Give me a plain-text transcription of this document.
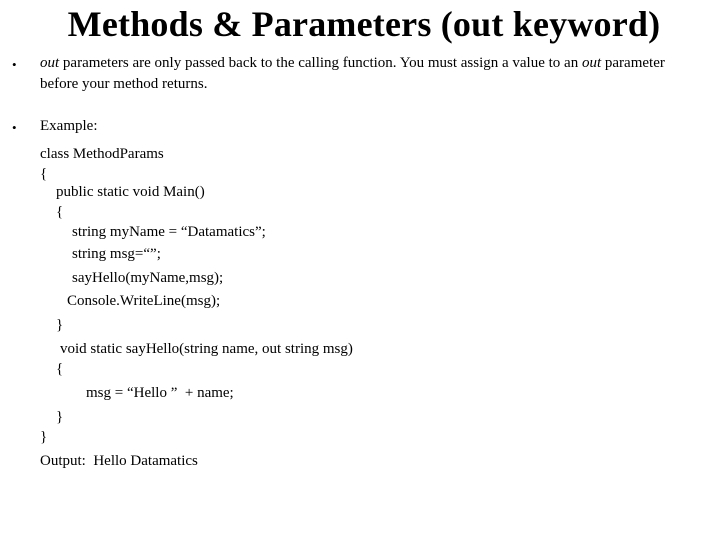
Methods & Parameters (out keyword)
• out parameters are only passed back to the calling function. You must assign a value to an out parameter
before your method returns.
• Example:
class MethodParams
{
public static void Main()
{
string myName = “Datamatics”;
string msg=“”;
sayHello(myName,msg);
Console.WriteLine(msg);
}
void static sayHello(string name, out string msg)
{
msg = “Hello ”  + name;
}
}
Output:  Hello Datamatics
